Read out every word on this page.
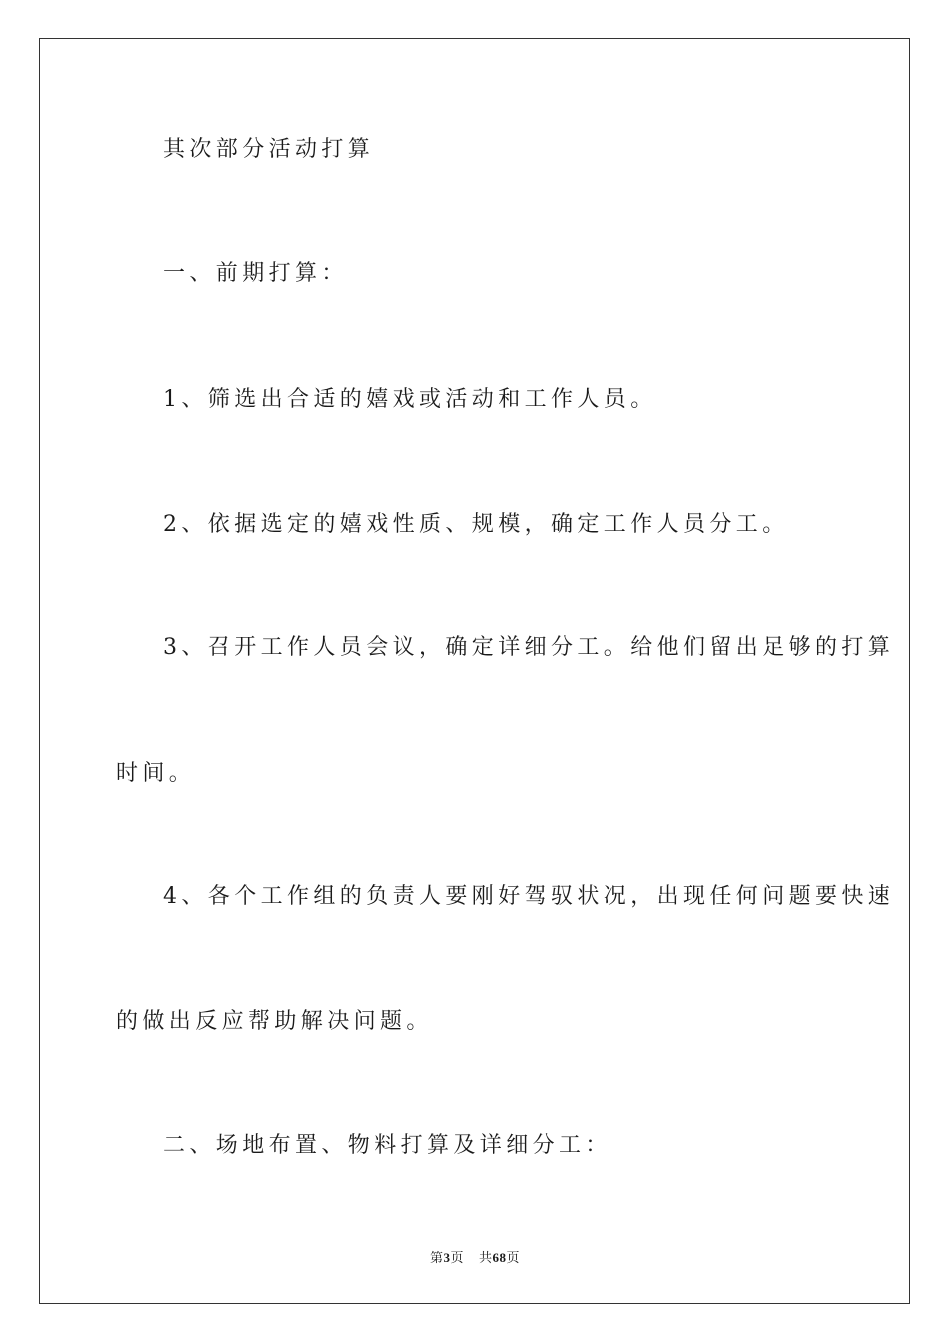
其次部分活动打算
一、前期打算：
1、筛选出合适的嬉戏或活动和工作人员。
2、依据选定的嬉戏性质、规模，确定工作人员分工。
3、召开工作人员会议，确定详细分工。给他们留出足够的打算
时间。
4、各个工作组的负责人要刚好驾驭状况，出现任何问题要快速
的做出反应帮助解决问题。
二、场地布置、物料打算及详细分工：
第3页    共68页
